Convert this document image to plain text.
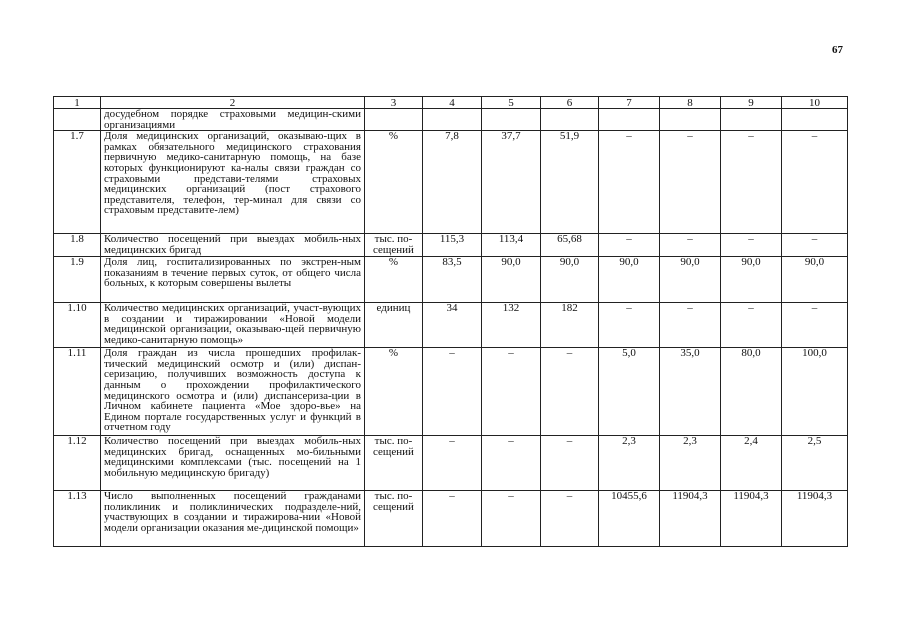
67
1	2	3	4	5	6	7	8	9	10
	досудебном порядке страховыми медицин-скими организациями								
1.7	Доля медицинских организаций, оказываю-щих в рамках обязательного медицинского страхования первичную медико-санитарную помощь, на базе которых функционируют ка-налы связи граждан со страховыми представи-телями страховых медицинских организаций (пост страхового представителя, телефон, тер-минал для связи со страховым представите-лем)	%	7,8	37,7	51,9	–	–	–	–
1.8	Количество посещений при выездах мобиль-ных медицинских бригад	тыс. по-сещений	115,3	113,4	65,68	–	–	–	–
1.9	Доля лиц, госпитализированных по экстрен-ным показаниям в течение первых суток, от общего числа больных, к которым совершены вылеты	%	83,5	90,0	90,0	90,0	90,0	90,0	90,0
1.10	Количество медицинских организаций, участ-вующих в создании и тиражировании «Новой модели медицинской организации, оказываю-щей первичную медико-санитарную помощь»	единиц	34	132	182	–	–	–	–
1.11	Доля граждан из числа прошедших профилак-тический медицинский осмотр и (или) диспан-серизацию, получивших возможность доступа к данным о прохождении профилактического медицинского осмотра и (или) диспансериза-ции в Личном кабинете пациента «Мое здоро-вье» на Едином портале государственных услуг и функций в отчетном году	%	–	–	–	5,0	35,0	80,0	100,0
1.12	Количество посещений при выездах мобиль-ных медицинских бригад, оснащенных мо-бильными медицинскими комплексами (тыс. посещений на 1 мобильную медицинскую бригаду)	тыс. по-сещений	–	–	–	2,3	2,3	2,4	2,5
1.13	Число выполненных посещений гражданами поликлиник и поликлинических подразделе-ний, участвующих в создании и тиражирова-нии «Новой модели организации оказания ме-дицинской помощи»	тыс. по-сещений	–	–	–	10455,6	11904,3	11904,3	11904,3
